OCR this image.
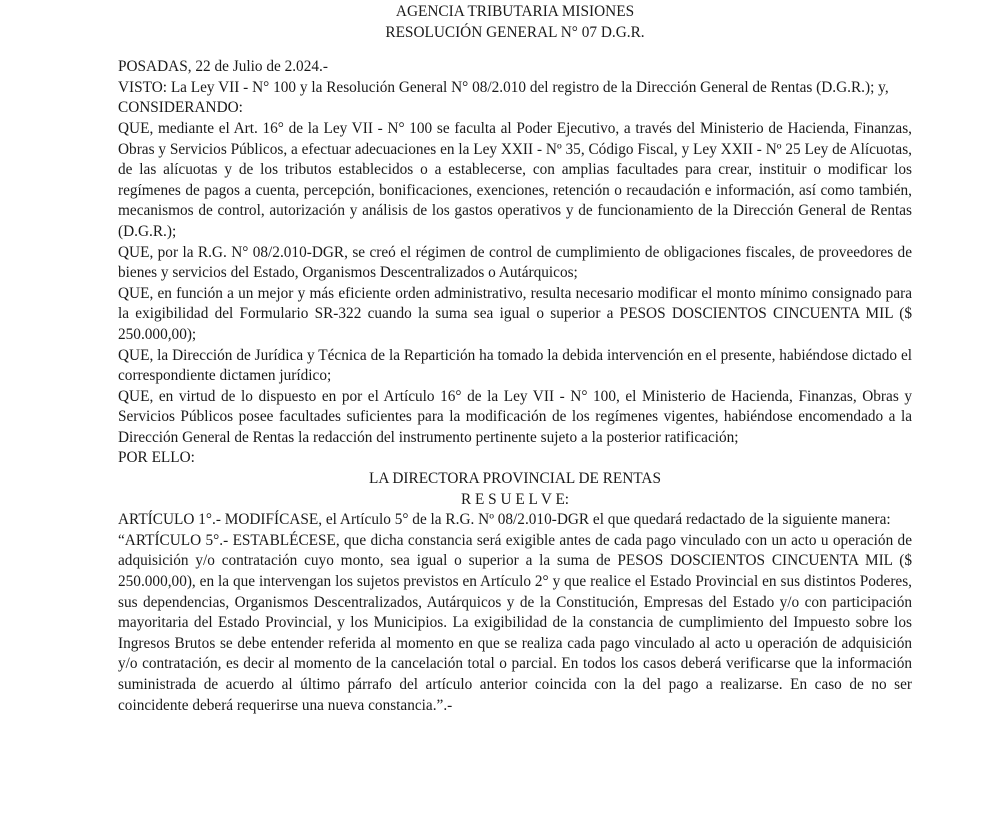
AGENCIA TRIBUTARIA MISIONES
RESOLUCIÓN GENERAL N° 07 D.G.R.

POSADAS, 22 de Julio de 2.024.-

VISTO: La Ley VII - N° 100 y la Resolución General N° 08/2.010 del registro de la Dirección General de Rentas (D.G.R.); y,

CONSIDERANDO:

QUE, mediante el Art. 16° de la Ley VII - N° 100 se faculta al Poder Ejecutivo, a través del Ministerio de Hacienda, Finanzas, Obras y Servicios Públicos, a efectuar adecuaciones en la Ley XXII - Nº 35, Código Fiscal, y Ley XXII - Nº 25 Ley de Alícuotas, de las alícuotas y de los tributos establecidos o a establecerse, con amplias facultades para crear, instituir o modificar los regímenes de pagos a cuenta, percepción, bonificaciones, exenciones, retención o recaudación e información, así como también, mecanismos de control, autorización y análisis de los gastos operativos y de funcionamiento de la Dirección General de Rentas (D.G.R.);

QUE, por la R.G. N° 08/2.010-DGR, se creó el régimen de control de cumplimiento de obligaciones fiscales, de proveedores de bienes y servicios del Estado, Organismos Descentralizados o Autárquicos;

QUE, en función a un mejor y más eficiente orden administrativo, resulta necesario modificar el monto mínimo consignado para la exigibilidad del Formulario SR-322 cuando la suma sea igual o superior a PESOS DOSCIENTOS CINCUENTA MIL ($ 250.000,00);

QUE, la Dirección de Jurídica y Técnica de la Repartición ha tomado la debida intervención en el presente, habiéndose dictado el correspondiente dictamen jurídico;

QUE, en virtud de lo dispuesto en por el Artículo 16° de la Ley VII - N° 100, el Ministerio de Hacienda, Finanzas, Obras y Servicios Públicos posee facultades suficientes para la modificación de los regímenes vigentes, habiéndose encomendado a la Dirección General de Rentas la redacción del instrumento pertinente sujeto a la posterior ratificación;

POR ELLO:

LA DIRECTORA PROVINCIAL DE RENTAS
R E S U E L V E:

ARTÍCULO 1°.- MODIFÍCASE, el Artículo 5° de la R.G. Nº 08/2.010-DGR el que quedará redactado de la siguiente manera:

“ARTÍCULO 5°.- ESTABLÉCESE, que dicha constancia será exigible antes de cada pago vinculado con un acto u operación de adquisición y/o contratación cuyo monto, sea igual o superior a la suma de PESOS DOSCIENTOS CINCUENTA MIL ($ 250.000,00), en la que intervengan los sujetos previstos en Artículo 2° y que realice el Estado Provincial en sus distintos Poderes, sus dependencias, Organismos Descentralizados, Autárquicos y de la Constitución, Empresas del Estado y/o con participación mayoritaria del Estado Provincial, y los Municipios. La exigibilidad de la constancia de cumplimiento del Impuesto sobre los Ingresos Brutos se debe entender referida al momento en que se realiza cada pago vinculado al acto u operación de adquisición y/o contratación, es decir al momento de la cancelación total o parcial. En todos los casos deberá verificarse que la información suministrada de acuerdo al último párrafo del artículo anterior coincida con la del pago a realizarse. En caso de no ser coincidente deberá requerirse una nueva constancia.”.-
